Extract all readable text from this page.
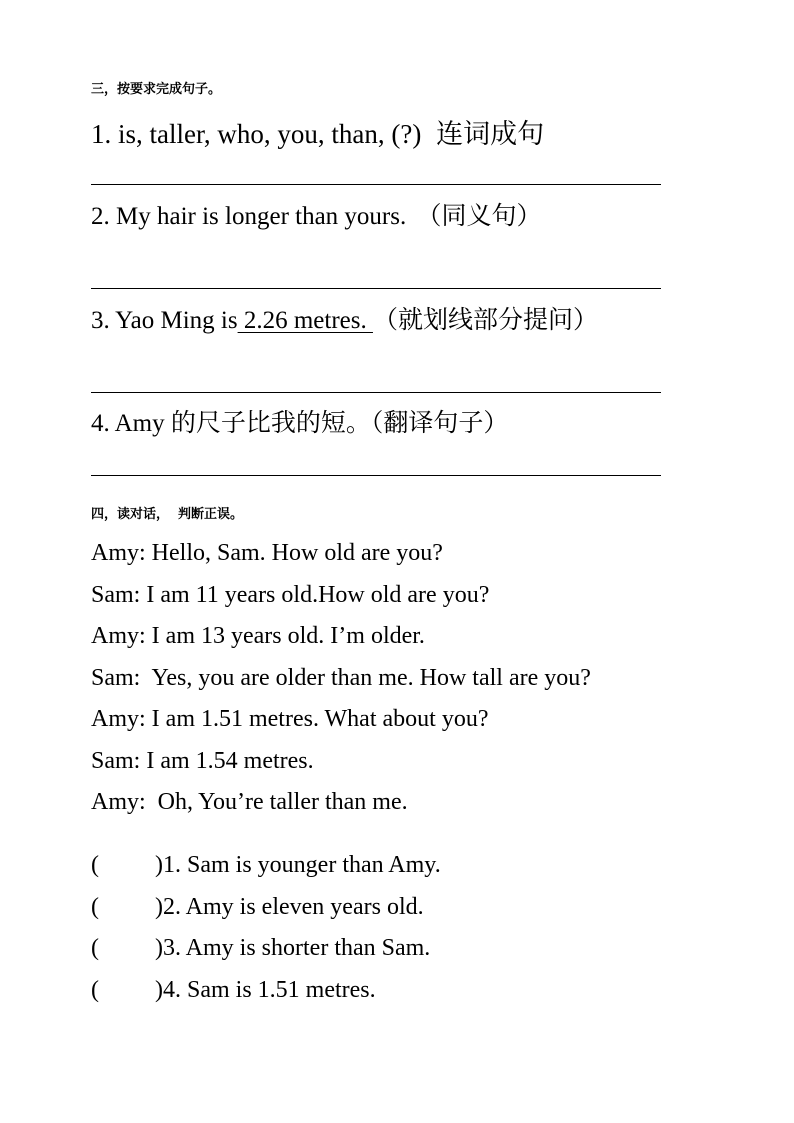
三，按要求完成句子。
1. is, taller, who, you, than, (?) 连词成句
2. My hair is longer than yours. （同义句）
3. Yao Ming is 2.26 metres. （就划线部分提问）
4. Amy 的尺子比我的短。（翻译句子）
四，读对话，  判断正误。
Amy: Hello, Sam. How old are you?
Sam: I am 11 years old.How old are you?
Amy: I am 13 years old. I’m older.
Sam:  Yes, you are older than me. How tall are you?
Amy: I am 1.51 metres. What about you?
Sam: I am 1.54 metres.
Amy:  Oh, You’re taller than me.
( )1. Sam is younger than Amy.
( )2. Amy is eleven years old.
( )3. Amy is shorter than Sam.
( )4. Sam is 1.51 metres.
